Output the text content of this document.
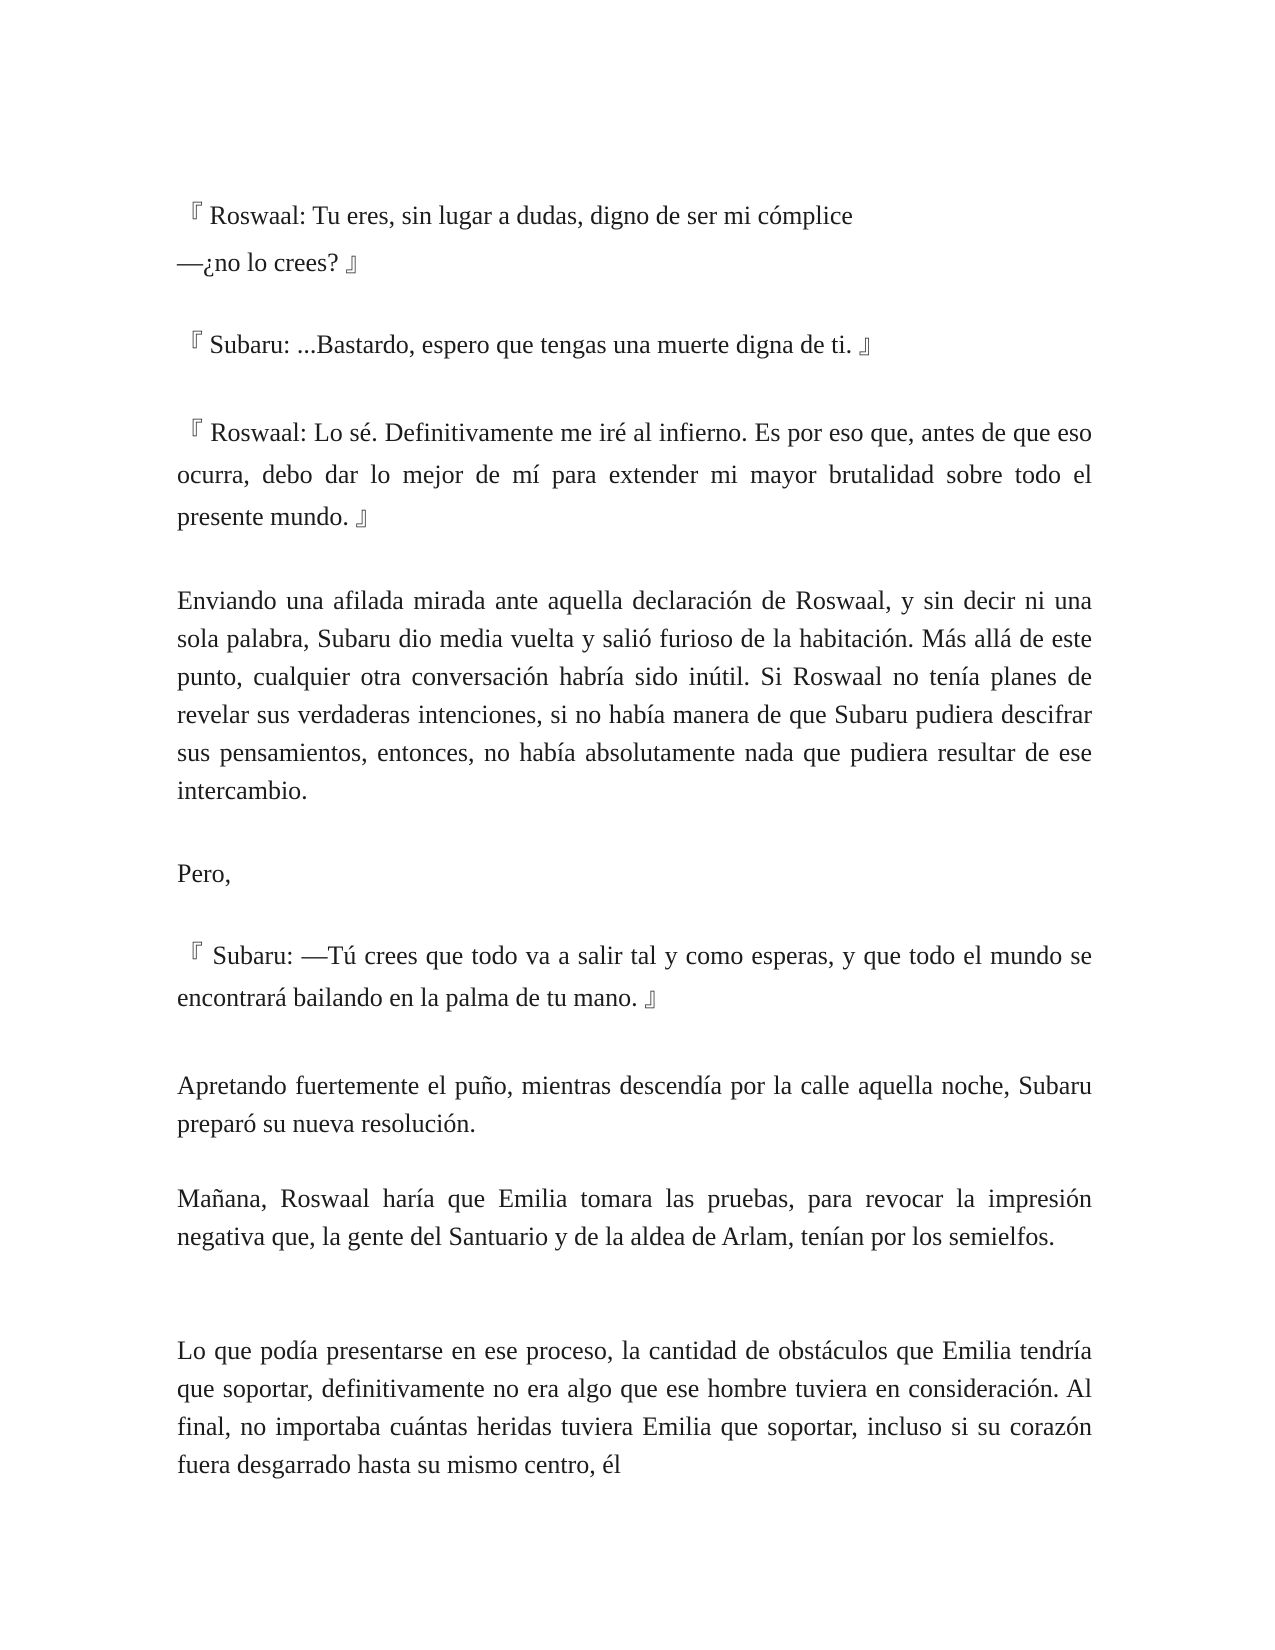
『 Roswaal: Tu eres, sin lugar a dudas, digno de ser mi cómplice
—¿no lo crees? 』

『 Subaru: ...Bastardo, espero que tengas una muerte digna de ti. 』

『 Roswaal: Lo sé. Definitivamente me iré al infierno. Es por eso que, antes de que eso ocurra, debo dar lo mejor de mí para extender mi mayor brutalidad sobre todo el presente mundo. 』

Enviando una afilada mirada ante aquella declaración de Roswaal, y sin decir ni una sola palabra, Subaru dio media vuelta y salió furioso de la habitación. Más allá de este punto, cualquier otra conversación habría sido inútil. Si Roswaal no tenía planes de revelar sus verdaderas intenciones, si no había manera de que Subaru pudiera descifrar sus pensamientos, entonces, no había absolutamente nada que pudiera resultar de ese intercambio.

Pero,

『 Subaru: —Tú crees que todo va a salir tal y como esperas, y que todo el mundo se encontrará bailando en la palma de tu mano. 』

Apretando fuertemente el puño, mientras descendía por la calle aquella noche, Subaru preparó su nueva resolución.

Mañana, Roswaal haría que Emilia tomara las pruebas, para revocar la impresión negativa que, la gente del Santuario y de la aldea de Arlam, tenían por los semielfos.

Lo que podía presentarse en ese proceso, la cantidad de obstáculos que Emilia tendría que soportar, definitivamente no era algo que ese hombre tuviera en consideración. Al final, no importaba cuántas heridas tuviera Emilia que soportar, incluso si su corazón fuera desgarrado hasta su mismo centro, él
